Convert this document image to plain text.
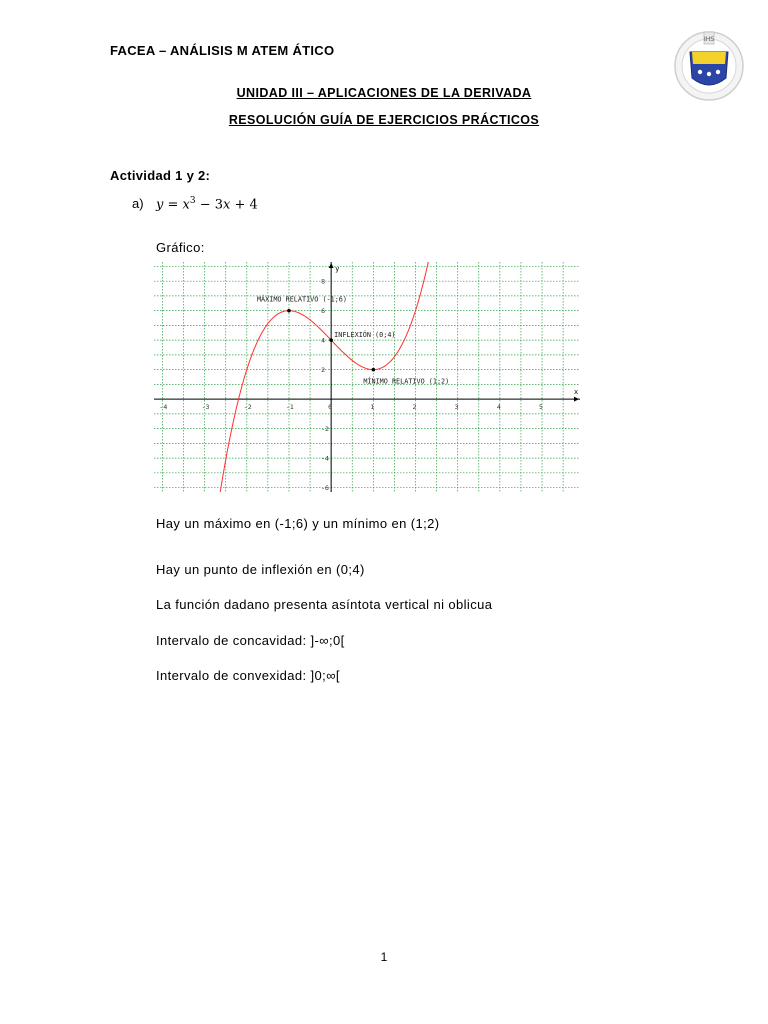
FACEA – ANÁLISIS M ATEM ÁTICO
IHS
UNIDAD III – APLICACIONES DE LA DERIVADA
RESOLUCIÓN GUÍA DE EJERCICIOS PRÁCTICOS
Actividad 1 y 2:
a) $y = x^3 - 3x + 4$
Gráfico:
x
y
-4	-3	-2	-1	0	1	2	3	4	5
-6
-4
-2
2
4
6
8
MÁXIMO RELATIVO (-1;6)
INFLEXIÓN (0;4)
MÍNIMO RELATIVO (1;2)
Hay un máximo en (-1;6) y un mínimo en (1;2)
Hay un punto de inflexión en (0;4)
La función dadano presenta asíntota vertical ni oblicua
Intervalo de concavidad: ]-∞;0[
Intervalo de convexidad: ]0;∞[
1
